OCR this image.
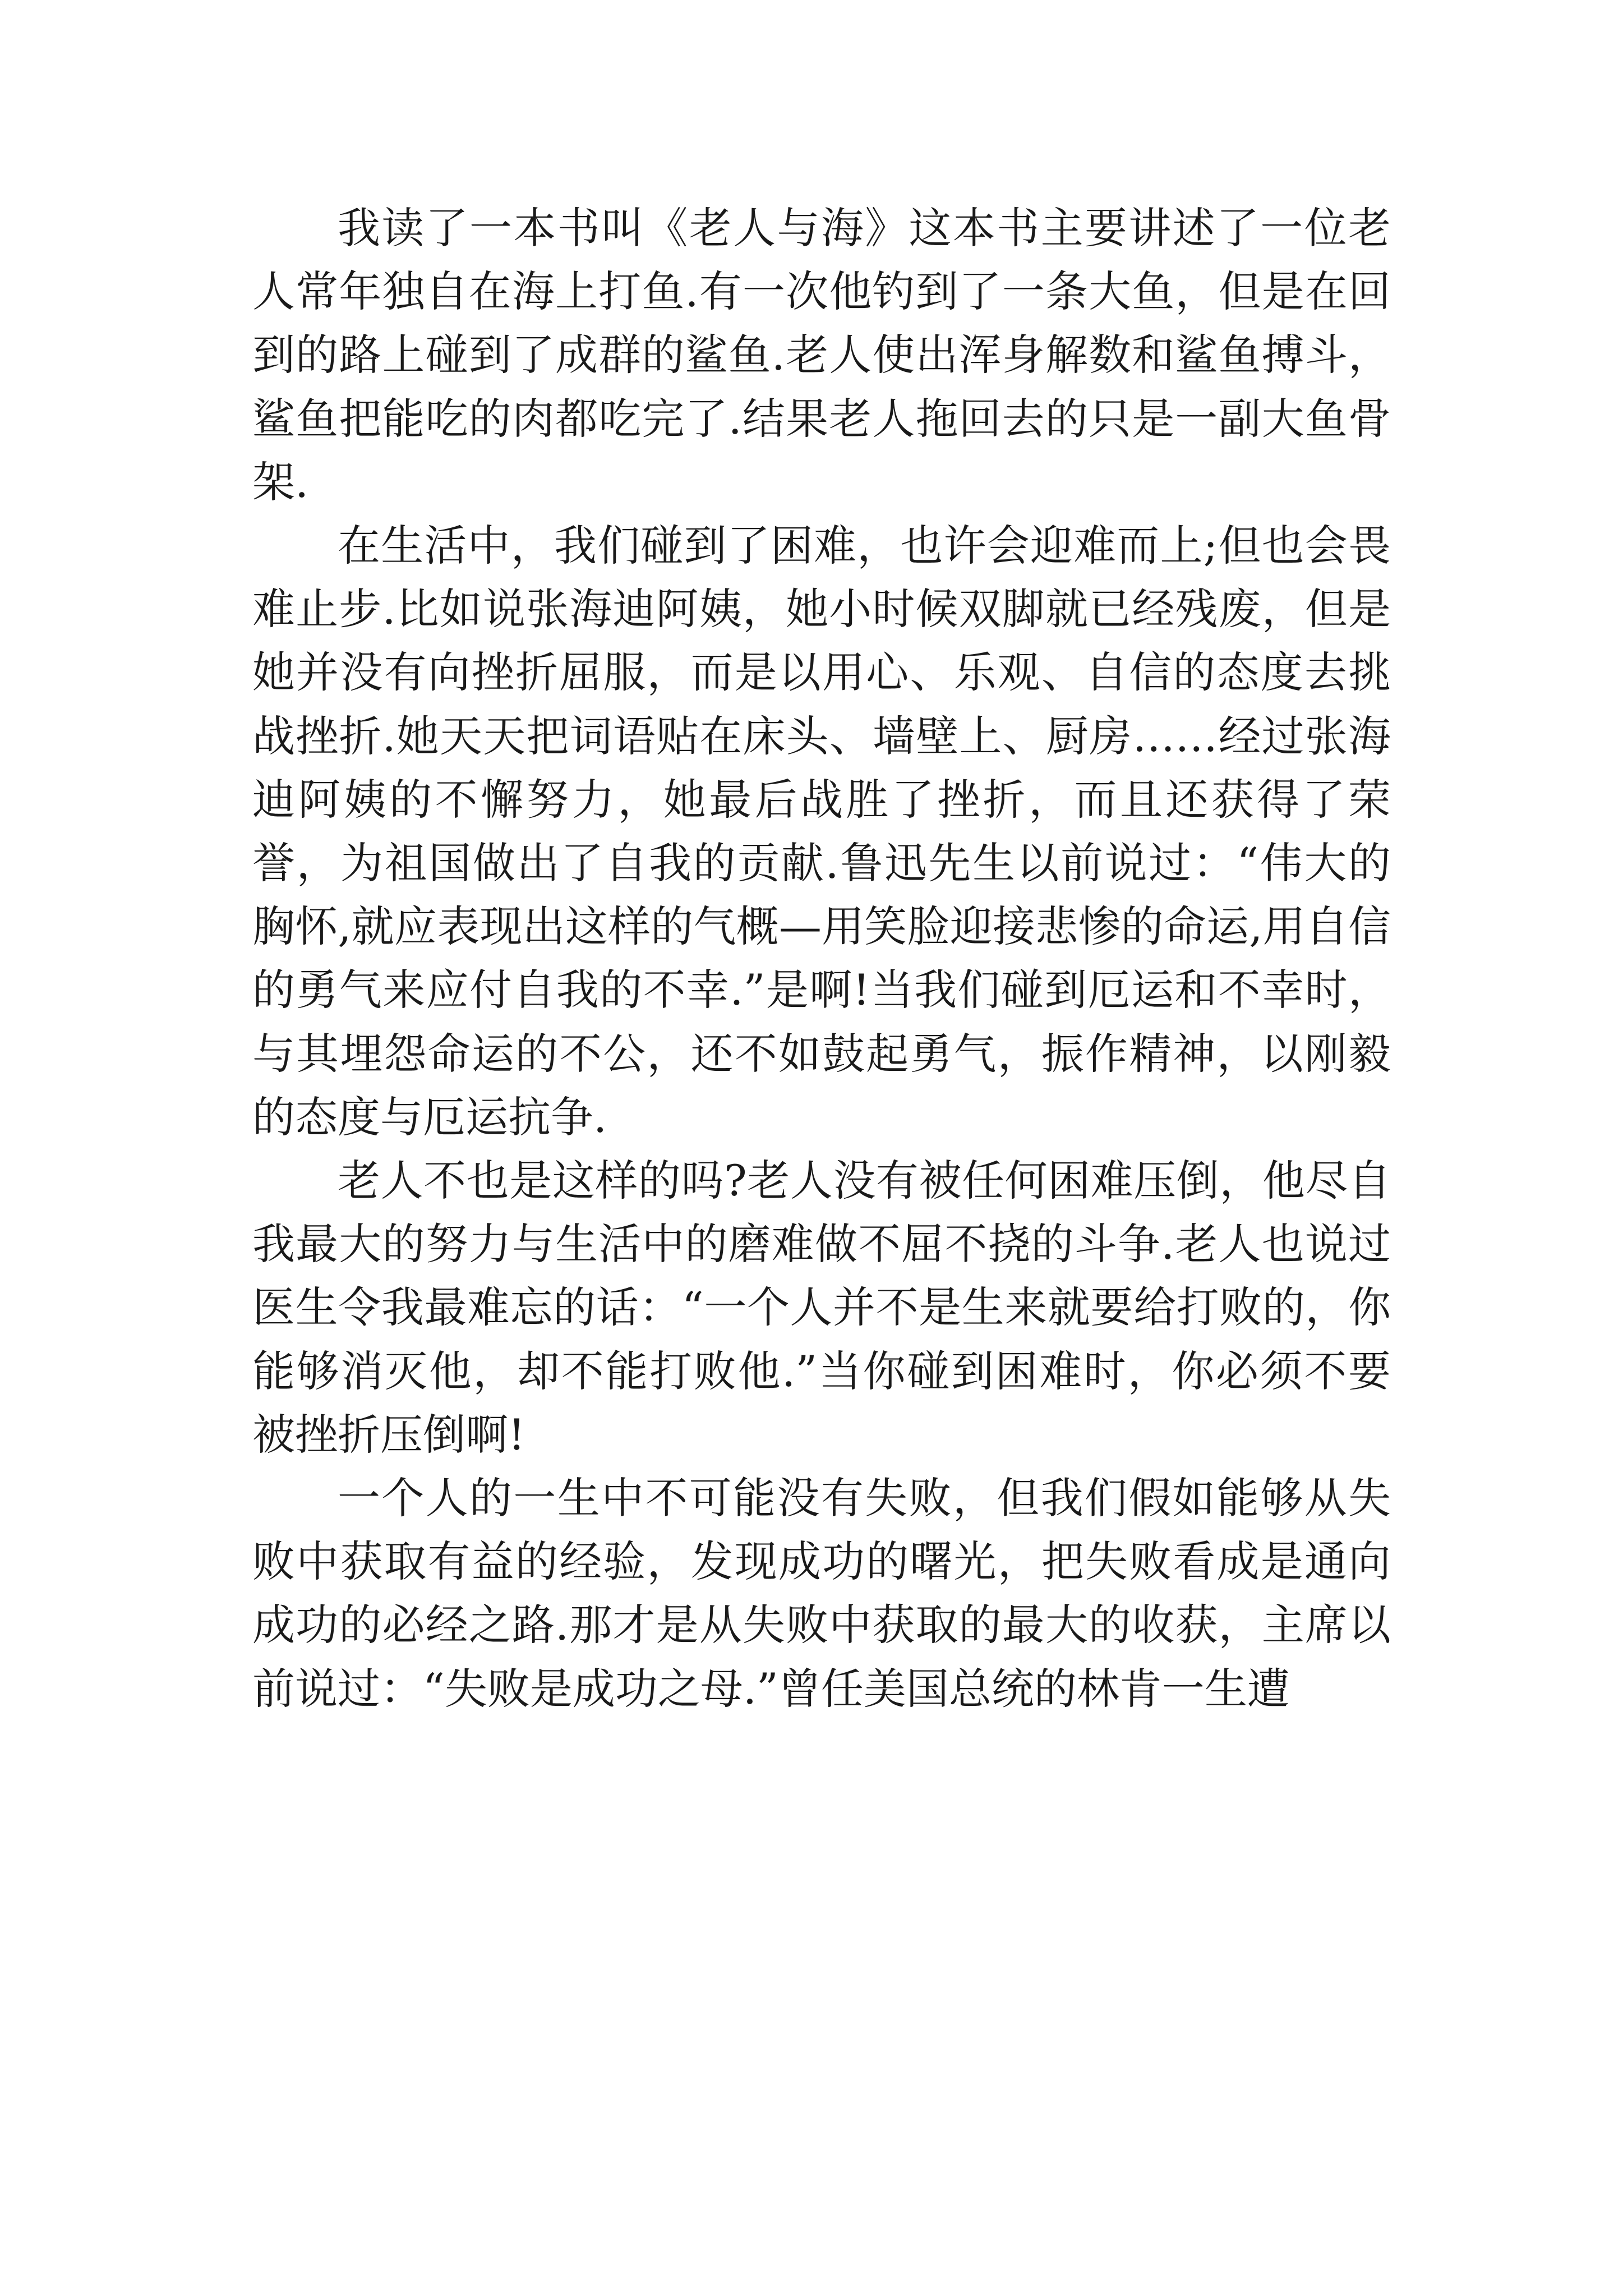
我读了一本书叫《老人与海》这本书主要讲述了一位老人常年独自在海上打鱼.有一次他钓到了一条大鱼，但是在回到的路上碰到了成群的鲨鱼.老人使出浑身解数和鲨鱼搏斗，鲨鱼把能吃的肉都吃完了.结果老人拖回去的只是一副大鱼骨架.

在生活中，我们碰到了困难，也许会迎难而上;但也会畏难止步.比如说张海迪阿姨，她小时候双脚就已经残废，但是她并没有向挫折屈服，而是以用心、乐观、自信的态度去挑战挫折.她天天把词语贴在床头、墙壁上、厨房……经过张海迪阿姨的不懈努力，她最后战胜了挫折，而且还获得了荣誉，为祖国做出了自我的贡献.鲁迅先生以前说过：“伟大的胸怀,就应表现出这样的气概—用笑脸迎接悲惨的命运,用自信的勇气来应付自我的不幸.”是啊!当我们碰到厄运和不幸时，与其埋怨命运的不公，还不如鼓起勇气，振作精神，以刚毅的态度与厄运抗争.

老人不也是这样的吗?老人没有被任何困难压倒，他尽自我最大的努力与生活中的磨难做不屈不挠的斗争.老人也说过医生令我最难忘的话：“一个人并不是生来就要给打败的，你能够消灭他，却不能打败他.”当你碰到困难时，你必须不要被挫折压倒啊!

一个人的一生中不可能没有失败，但我们假如能够从失败中获取有益的经验，发现成功的曙光，把失败看成是通向成功的必经之路.那才是从失败中获取的最大的收获，主席以前说过：“失败是成功之母.”曾任美国总统的林肯一生遭
